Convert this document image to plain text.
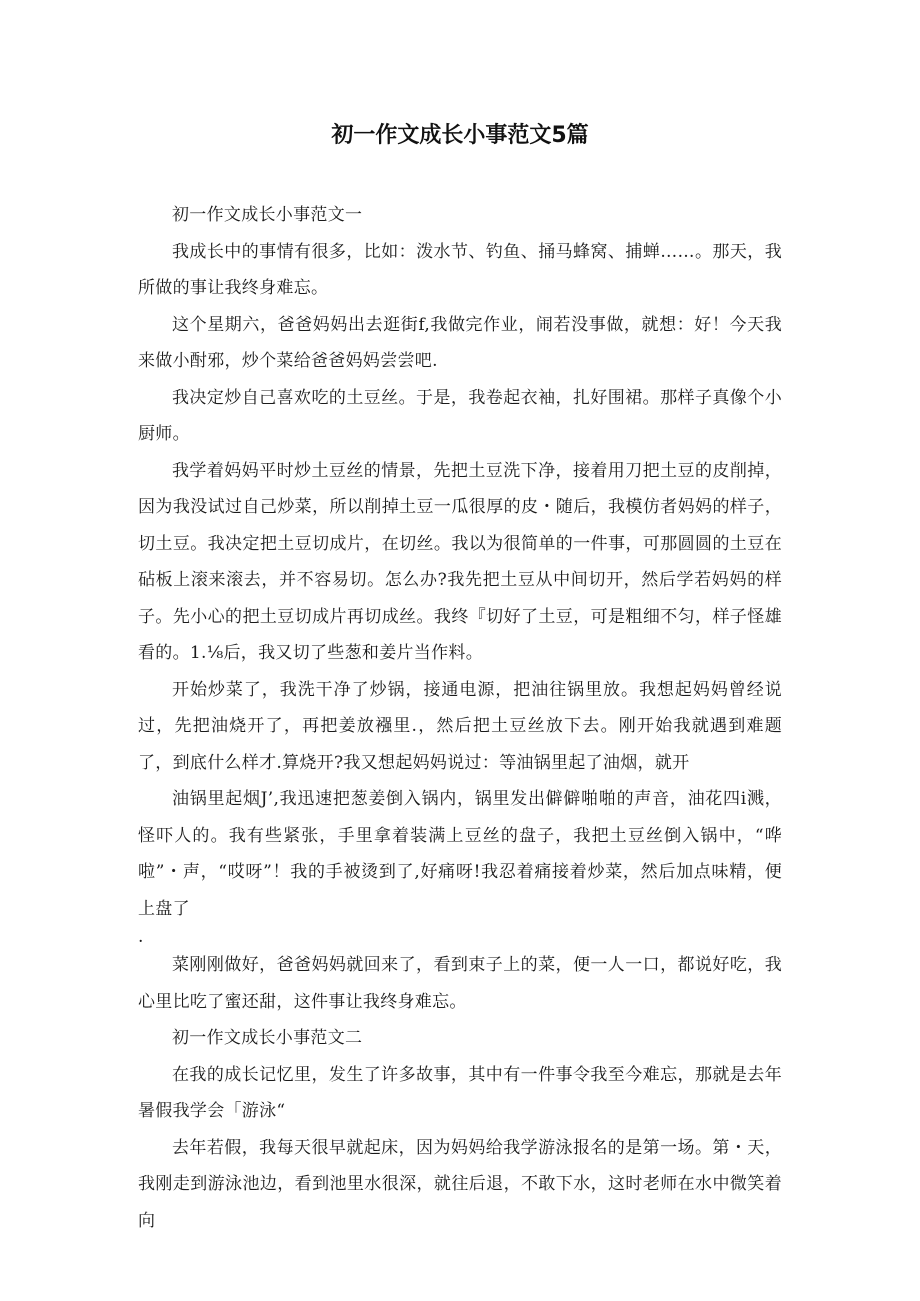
初一作文成长小事范文5篇

初一作文成长小事范文一

我成长中的事情有很多，比如：泼水节、钓鱼、捅马蜂窝、捕蝉……。那天，我所做的事让我终身难忘。

这个星期六，爸爸妈妈出去逛街f,我做完作业，闹若没事做，就想：好！今天我来做小酎邪，炒个菜给爸爸妈妈尝尝吧.

我决定炒自己喜欢吃的土豆丝。于是，我卷起衣袖，扎好围裙。那样子真像个小厨师。

我学着妈妈平时炒土豆丝的情景，先把土豆洗下净，接着用刀把土豆的皮削掉，因为我没试过自己炒菜，所以削掉土豆一瓜很厚的皮・随后，我模仿者妈妈的样子，切土豆。我决定把土豆切成片，在切丝。我以为很简单的一件事，可那圆圆的土豆在砧板上滚来滚去，并不容易切。怎么办?我先把土豆从中间切开，然后学若妈妈的样子。先小心的把土豆切成片再切成丝。我终『切好了土豆，可是粗细不匀，样子怪雄看的。1.⅛后，我又切了些葱和姜片当作料。

开始炒菜了，我洗干净了炒锅，接通电源，把油往锅里放。我想起妈妈曾经说过，先把油烧开了，再把姜放襁里.，然后把土豆丝放下去。刚开始我就遇到难题了，到底什么样才.算烧开?我又想起妈妈说过：等油锅里起了油烟，就开

油锅里起烟J’,我迅速把葱姜倒入锅内，锅里发出僻僻啪啪的声音，油花四i溅，怪吓人的。我有些紧张，手里拿着装满上豆丝的盘子，我把土豆丝倒入锅中，“哗啦”・声，“哎呀”！我的手被烫到了,好痛呀!我忍着痛接着炒菜，然后加点味精，便上盘了

.

菜刚刚做好，爸爸妈妈就回来了，看到束子上的菜，便一人一口，都说好吃，我心里比吃了蜜还甜，这件事让我终身难忘。

初一作文成长小事范文二

在我的成长记忆里，发生了许多故事，其中有一件事令我至今难忘，那就是去年暑假我学会「游泳“

去年若假，我每天很早就起床，因为妈妈给我学游泳报名的是第一场。第・天，我刚走到游泳池边，看到池里水很深，就往后退，不敢下水，这时老师在水中微笑着向
